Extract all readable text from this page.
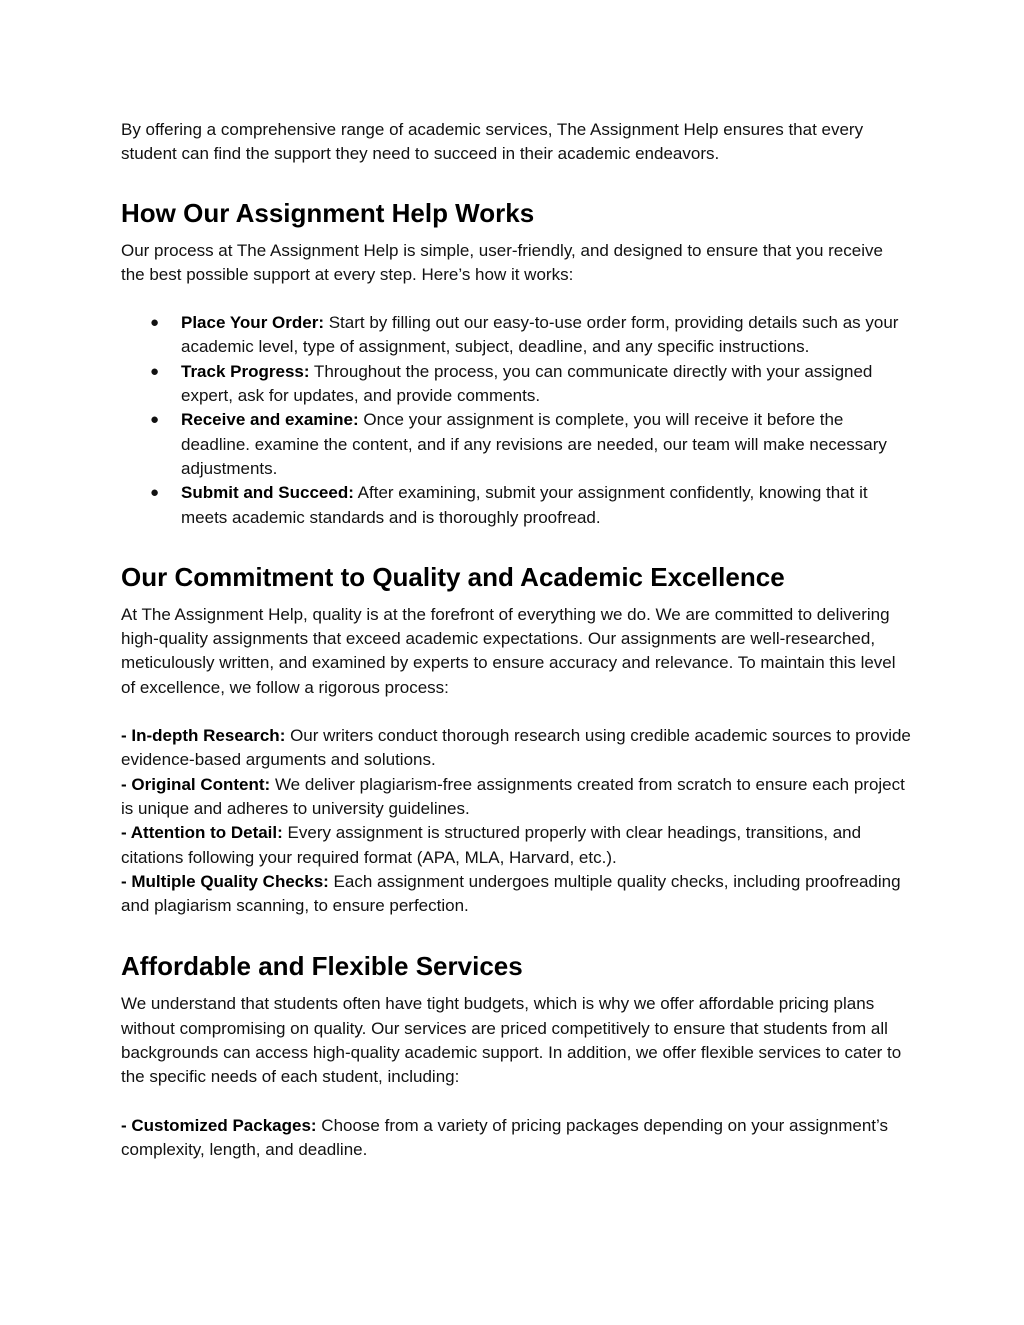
By offering a comprehensive range of academic services, The Assignment Help ensures that every student can find the support they need to succeed in their academic endeavors.

How Our Assignment Help Works

Our process at The Assignment Help is simple, user-friendly, and designed to ensure that you receive the best possible support at every step. Here’s how it works:

● Place Your Order: Start by filling out our easy-to-use order form, providing details such as your academic level, type of assignment, subject, deadline, and any specific instructions.
● Track Progress: Throughout the process, you can communicate directly with your assigned expert, ask for updates, and provide comments.
● Receive and examine: Once your assignment is complete, you will receive it before the deadline. examine the content, and if any revisions are needed, our team will make necessary adjustments.
● Submit and Succeed: After examining, submit your assignment confidently, knowing that it meets academic standards and is thoroughly proofread.
Our Commitment to Quality and Academic Excellence

At The Assignment Help, quality is at the forefront of everything we do. We are committed to delivering high-quality assignments that exceed academic expectations. Our assignments are well-researched, meticulously written, and examined by experts to ensure accuracy and relevance. To maintain this level of excellence, we follow a rigorous process:

- In-depth Research: Our writers conduct thorough research using credible academic sources to provide evidence-based arguments and solutions.
- Original Content: We deliver plagiarism-free assignments created from scratch to ensure each project is unique and adheres to university guidelines.
- Attention to Detail: Every assignment is structured properly with clear headings, transitions, and citations following your required format (APA, MLA, Harvard, etc.).
- Multiple Quality Checks: Each assignment undergoes multiple quality checks, including proofreading and plagiarism scanning, to ensure perfection.
Affordable and Flexible Services

We understand that students often have tight budgets, which is why we offer affordable pricing plans without compromising on quality. Our services are priced competitively to ensure that students from all backgrounds can access high-quality academic support. In addition, we offer flexible services to cater to the specific needs of each student, including:

- Customized Packages: Choose from a variety of pricing packages depending on your assignment’s complexity, length, and deadline.
